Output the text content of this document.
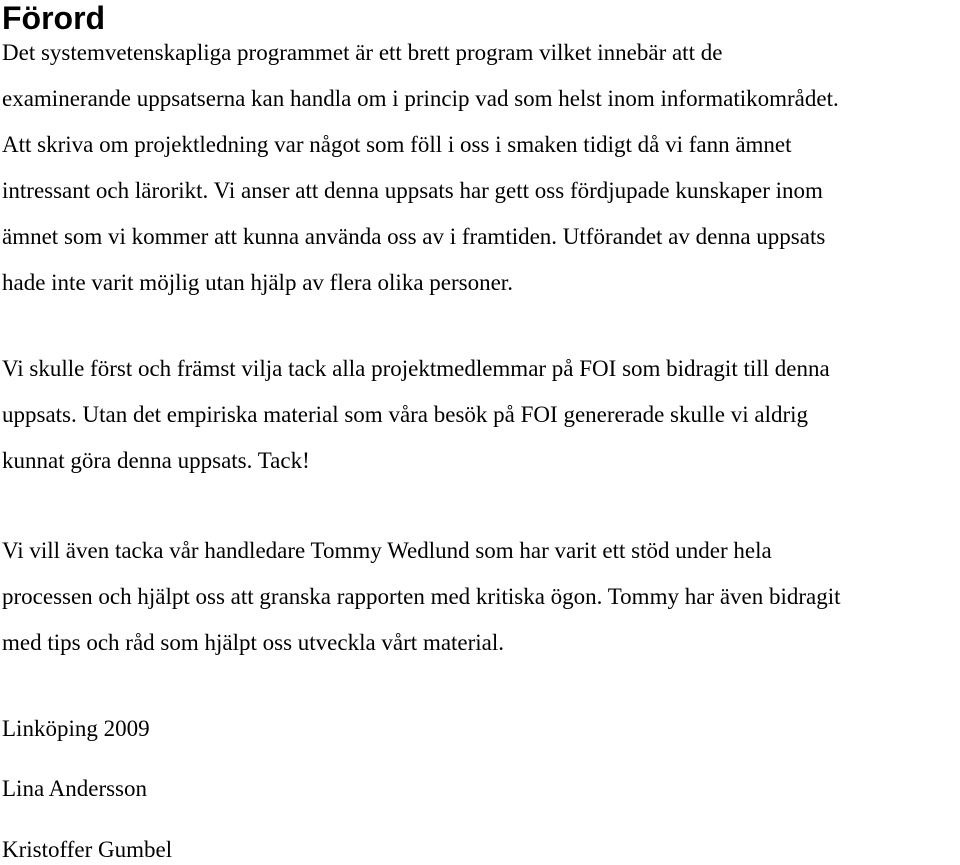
Förord

Det systemvetenskapliga programmet är ett brett program vilket innebär att de
examinerande uppsatserna kan handla om i princip vad som helst inom informatikområdet.
Att skriva om projektledning var något som föll i oss i smaken tidigt då vi fann ämnet
intressant och lärorikt. Vi anser att denna uppsats har gett oss fördjupade kunskaper inom
ämnet som vi kommer att kunna använda oss av i framtiden. Utförandet av denna uppsats
hade inte varit möjlig utan hjälp av flera olika personer.

Vi skulle först och främst vilja tack alla projektmedlemmar på FOI som bidragit till denna
uppsats. Utan det empiriska material som våra besök på FOI genererade skulle vi aldrig
kunnat göra denna uppsats. Tack!

Vi vill även tacka vår handledare Tommy Wedlund som har varit ett stöd under hela
processen och hjälpt oss att granska rapporten med kritiska ögon. Tommy har även bidragit
med tips och råd som hjälpt oss utveckla vårt material.

Linköping 2009

Lina Andersson

Kristoffer Gumbel
